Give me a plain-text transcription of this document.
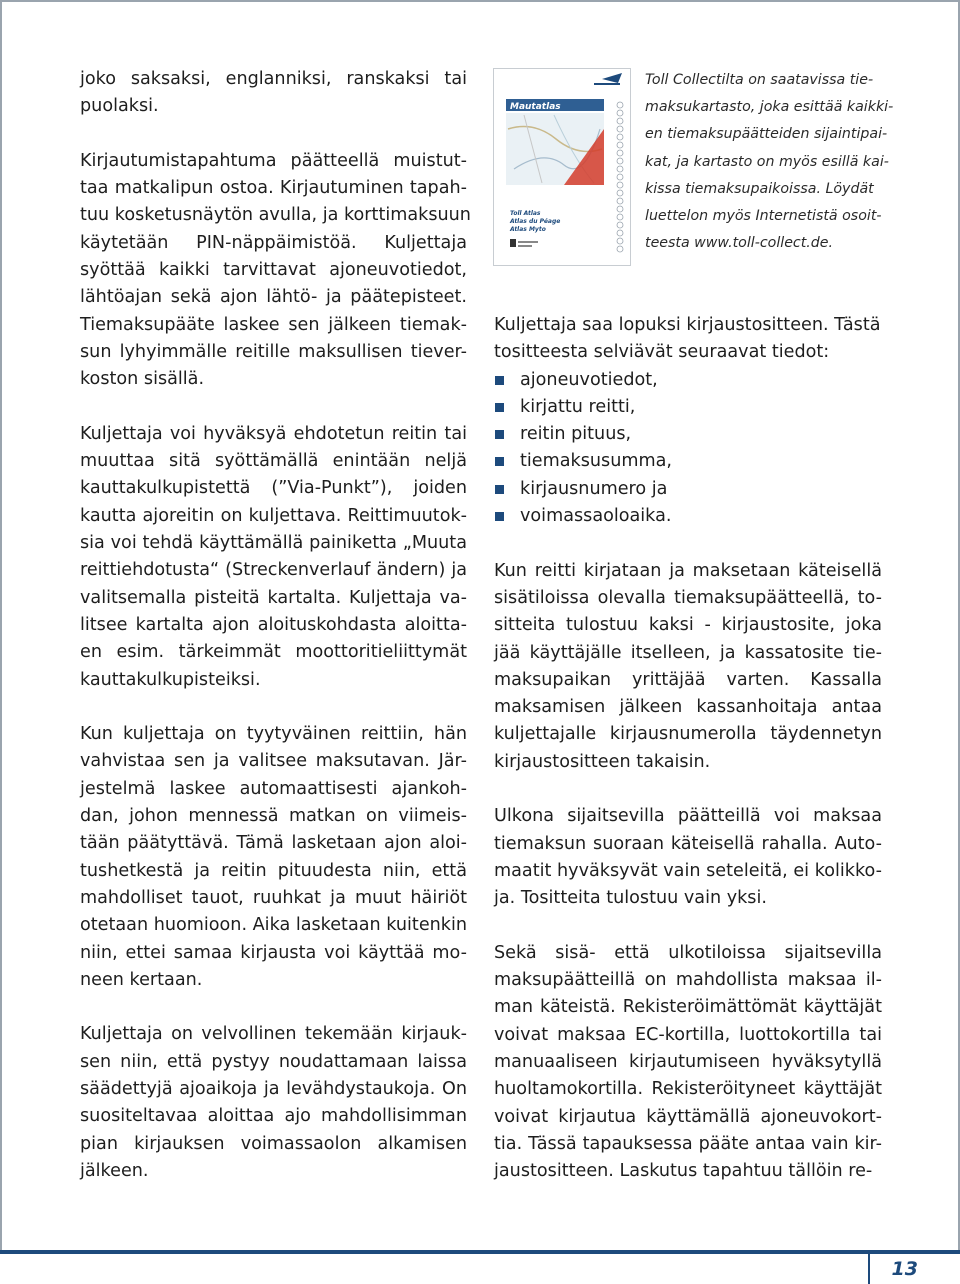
joko saksaksi, englanniksi, ranskaksi tai
puolaksi.
Kirjautumistapahtuma päätteellä muistut-
taa matkalipun ostoa. Kirjautuminen tapah-
tuu kosketusnäytön avulla, ja korttimaksuun
käytetään PIN-näppäimistöä. Kuljettaja
syöttää kaikki tarvittavat ajoneuvotiedot,
lähtöajan sekä ajon lähtö- ja päätepisteet.
Tiemaksupääte laskee sen jälkeen tiemak-
sun lyhyimmälle reitille maksullisen tiever-
koston sisällä.
Kuljettaja voi hyväksyä ehdotetun reitin tai
muuttaa sitä syöttämällä enintään neljä
kauttakulkupistettä (”Via-Punkt”), joiden
kautta ajoreitin on kuljettava. Reittimuutok-
sia voi tehdä käyttämällä painiketta „Muuta
reittiehdotusta“ (Streckenverlauf ändern) ja
valitsemalla pisteitä kartalta. Kuljettaja va-
litsee kartalta ajon aloituskohdasta aloitta-
en esim. tärkeimmät moottoritieliittymät
kauttakulkupisteiksi.
Kun kuljettaja on tyytyväinen reittiin, hän
vahvistaa sen ja valitsee maksutavan. Jär-
jestelmä laskee automaattisesti ajankoh-
dan, johon mennessä matkan on viimeis-
tään päätyttävä. Tämä lasketaan ajon aloi-
tushetkestä ja reitin pituudesta niin, että
mahdolliset tauot, ruuhkat ja muut häiriöt
otetaan huomioon. Aika lasketaan kuitenkin
niin, ettei samaa kirjausta voi käyttää mo-
neen kertaan.
Kuljettaja on velvollinen tekemään kirjauk-
sen niin, että pystyy noudattamaan laissa
säädettyjä ajoaikoja ja levähdystaukoja. On
suositeltavaa aloittaa ajo mahdollisimman
pian kirjauksen voimassaolon alkamisen
jälkeen.
Mautatlas
Toll Atlas
Atlas du Péage
Atlas Myto
Toll Collectilta on saatavissa tie-
maksukartasto, joka esittää kaikki-
en tiemaksupäätteiden sijaintipai-
kat, ja kartasto on myös esillä kai-
kissa tiemaksupaikoissa. Löydät
luettelon myös Internetistä osoit-
teesta www.toll-collect.de.
Kuljettaja saa lopuksi kirjaustositteen. Tästä
tositteesta selviävät seuraavat tiedot:
ajoneuvotiedot,
kirjattu reitti,
reitin pituus,
tiemaksusumma,
kirjausnumero ja
voimassaoloaika.
Kun reitti kirjataan ja maksetaan käteisellä
sisätiloissa olevalla tiemaksupäätteellä, to-
sitteita tulostuu kaksi - kirjaustosite, joka
jää käyttäjälle itselleen, ja kassatosite tie-
maksupaikan yrittäjää varten. Kassalla
maksamisen jälkeen kassanhoitaja antaa
kuljettajalle kirjausnumerolla täydennetyn
kirjaustositteen takaisin.
Ulkona sijaitsevilla päätteillä voi maksaa
tiemaksun suoraan käteisellä rahalla. Auto-
maatit hyväksyvät vain seteleitä, ei kolikko-
ja. Tositteita tulostuu vain yksi.
Sekä sisä- että ulkotiloissa sijaitsevilla
maksupäätteillä on mahdollista maksaa il-
man käteistä. Rekisteröimättömät käyttäjät
voivat maksaa EC-kortilla, luottokortilla tai
manuaaliseen kirjautumiseen hyväksytyllä
huoltamokortilla. Rekisteröityneet käyttäjät
voivat kirjautua käyttämällä ajoneuvokort-
tia. Tässä tapauksessa pääte antaa vain kir-
jaustositteen. Laskutus tapahtuu tällöin re-
13
